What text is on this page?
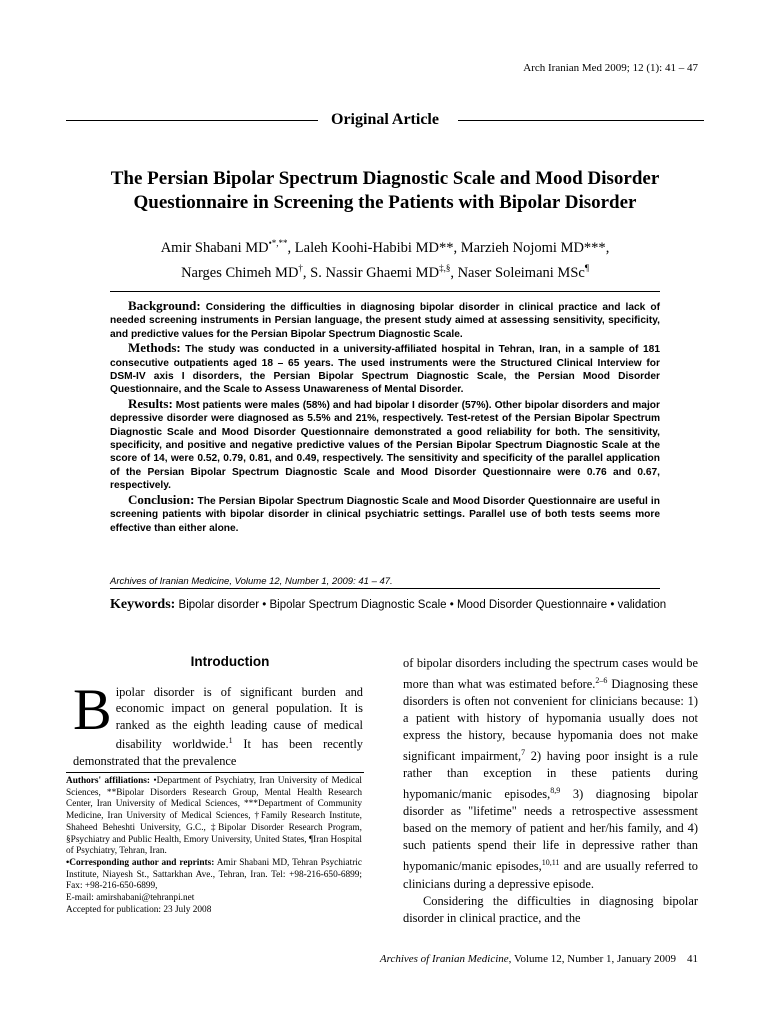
Arch Iranian Med 2009; 12 (1): 41 – 47
Original Article
The Persian Bipolar Spectrum Diagnostic Scale and Mood Disorder
Questionnaire in Screening the Patients with Bipolar Disorder
Amir Shabani MD•*,**, Laleh Koohi-Habibi MD**, Marzieh Nojomi MD***,
Narges Chimeh MD†, S. Nassir Ghaemi MD‡,§, Naser Soleimani MSc¶

Background: Considering the difficulties in diagnosing bipolar disorder in clinical practice and lack of needed screening instruments in Persian language, the present study aimed at assessing sensitivity, specificity, and predictive values for the Persian Bipolar Spectrum Diagnostic Scale.

Methods: The study was conducted in a university-affiliated hospital in Tehran, Iran, in a sample of 181 consecutive outpatients aged 18 – 65 years. The used instruments were the Structured Clinical Interview for DSM-IV axis I disorders, the Persian Bipolar Spectrum Diagnostic Scale, the Persian Mood Disorder Questionnaire, and the Scale to Assess Unawareness of Mental Disorder.

Results: Most patients were males (58%) and had bipolar I disorder (57%). Other bipolar disorders and major depressive disorder were diagnosed as 5.5% and 21%, respectively. Test-retest of the Persian Bipolar Spectrum Diagnostic Scale and Mood Disorder Questionnaire demonstrated a good reliability for both. The sensitivity, specificity, and positive and negative predictive values of the Persian Bipolar Spectrum Diagnostic Scale at the score of 14, were 0.52, 0.79, 0.81, and 0.49, respectively. The sensitivity and specificity of the parallel application of the Persian Bipolar Spectrum Diagnostic Scale and Mood Disorder Questionnaire were 0.76 and 0.67, respectively.

Conclusion: The Persian Bipolar Spectrum Diagnostic Scale and Mood Disorder Questionnaire are useful in screening patients with bipolar disorder in clinical psychiatric settings. Parallel use of both tests seems more effective than either alone.

Archives of Iranian Medicine, Volume 12, Number 1, 2009: 41 – 47.
Keywords: Bipolar disorder • Bipolar Spectrum Diagnostic Scale • Mood Disorder Questionnaire • validation
Introduction
Bipolar disorder is of significant burden and economic impact on general population. It is ranked as the eighth leading cause of medical disability worldwide.$^1$ It has been recently demonstrated that the prevalence
Authors' affiliations: •Department of Psychiatry, Iran University of Medical Sciences, **Bipolar Disorders Research Group, Mental Health Research Center, Iran University of Medical Sciences, ***Department of Community Medicine, Iran University of Medical Sciences, †Family Research Institute, Shaheed Beheshti University, G.C., ‡Bipolar Disorder Research Program, §Psychiatry and Public Health, Emory University, United States, ¶Iran Hospital of Psychiatry, Tehran, Iran.
•Corresponding author and reprints: Amir Shabani MD, Tehran Psychiatric Institute, Niayesh St., Sattarkhan Ave., Tehran, Iran. Tel: +98-216-650-6899; Fax: +98-216-650-6899,
E-mail: amirshabani@tehranpi.net
Accepted for publication: 23 July 2008

of bipolar disorders including the spectrum cases would be more than what was estimated before.$^{2-6}$ Diagnosing these disorders is often not convenient for clinicians because: 1) a patient with history of hypomania usually does not express the history, because hypomania does not make significant impairment,$^7$ 2) having poor insight is a rule rather than exception in these patients during hypomanic/manic episodes,$^{8,9}$ 3) diagnosing bipolar disorder as "lifetime" needs a retrospective assessment based on the memory of patient and her/his family, and 4) such patients spend their life in depressive rather than hypomanic/manic episodes,$^{10,11}$ and are usually referred to clinicians during a depressive episode.

Considering the difficulties in diagnosing bipolar disorder in clinical practice, and the

Archives of Iranian Medicine, Volume 12, Number 1, January 2009 41
